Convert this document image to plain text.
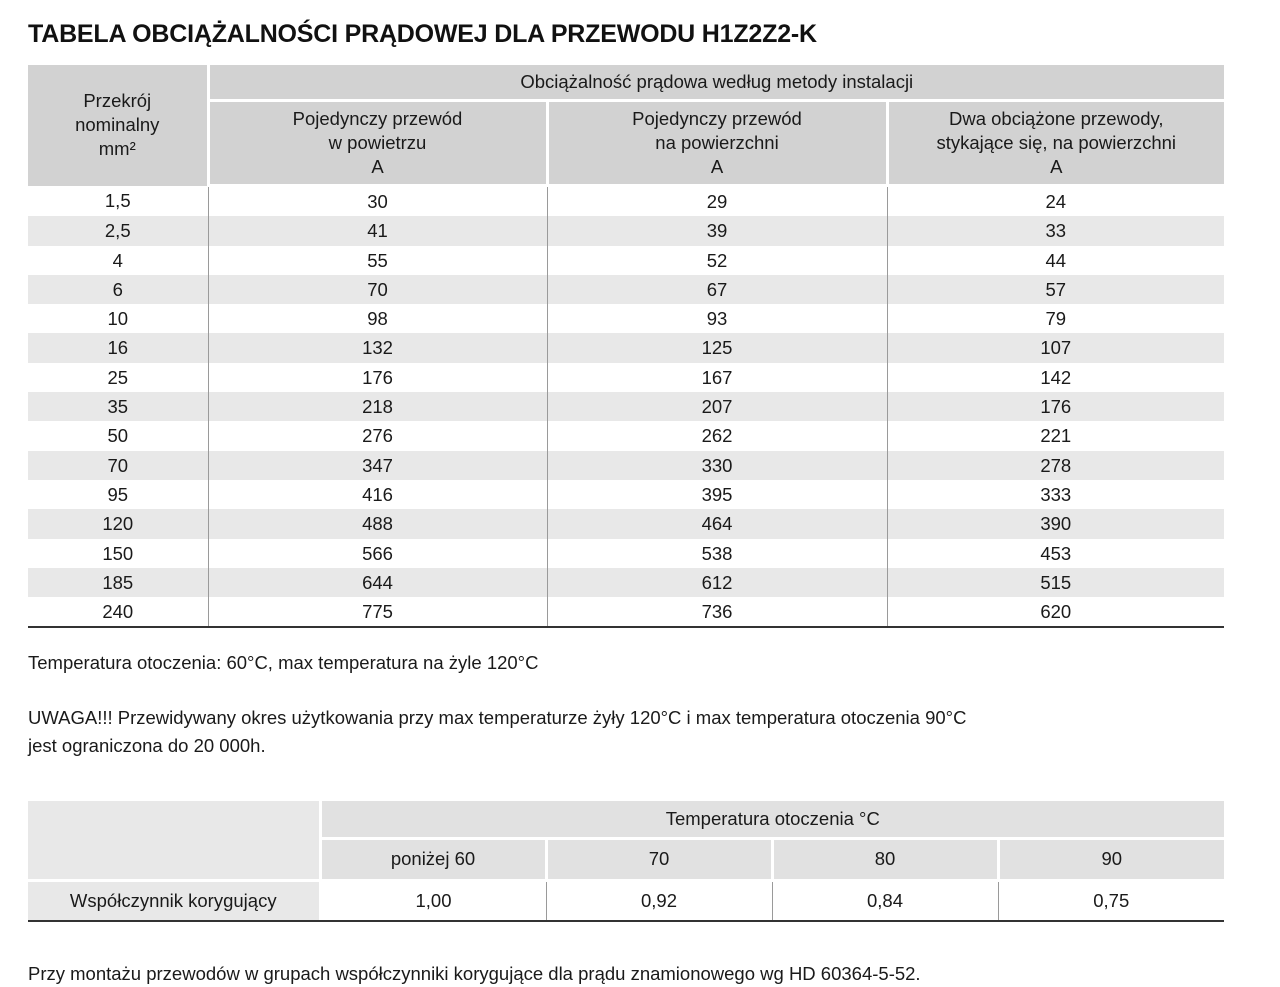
TABELA OBCIĄŻALNOŚCI PRĄDOWEJ DLA PRZEWODU H1Z2Z2-K
Przekrój
nominalny
mm²	Obciążalność prądowa według metody instalacji		

Pojedynczy przewód
w powietrzu
A

Pojedynczy przewód
na powierzchni
A

Dwa obciążone przewody,
stykające się, na powierzchni
A

1,5	30	29	24
2,5	41	39	33
4	55	52	44
6	70	67	57
10	98	93	79
16	132	125	107
25	176	167	142
35	218	207	176
50	276	262	221
70	347	330	278
95	416	395	333
120	488	464	390
150	566	538	453
185	644	612	515
240	775	736	620
Temperatura otoczenia: 60°C, max temperatura na żyle 120°C
UWAGA!!! Przewidywany okres użytkowania przy max temperaturze żyły 120°C i max temperatura otoczenia 90°C
jest ograniczona do 20 000h.
	Temperatura otoczenia °C			
	poniżej 60	70	80	90
Współczynnik korygujący	1,00	0,92	0,84	0,75
Przy montażu przewodów w grupach współczynniki korygujące dla prądu znamionowego wg HD 60364-5-52.
